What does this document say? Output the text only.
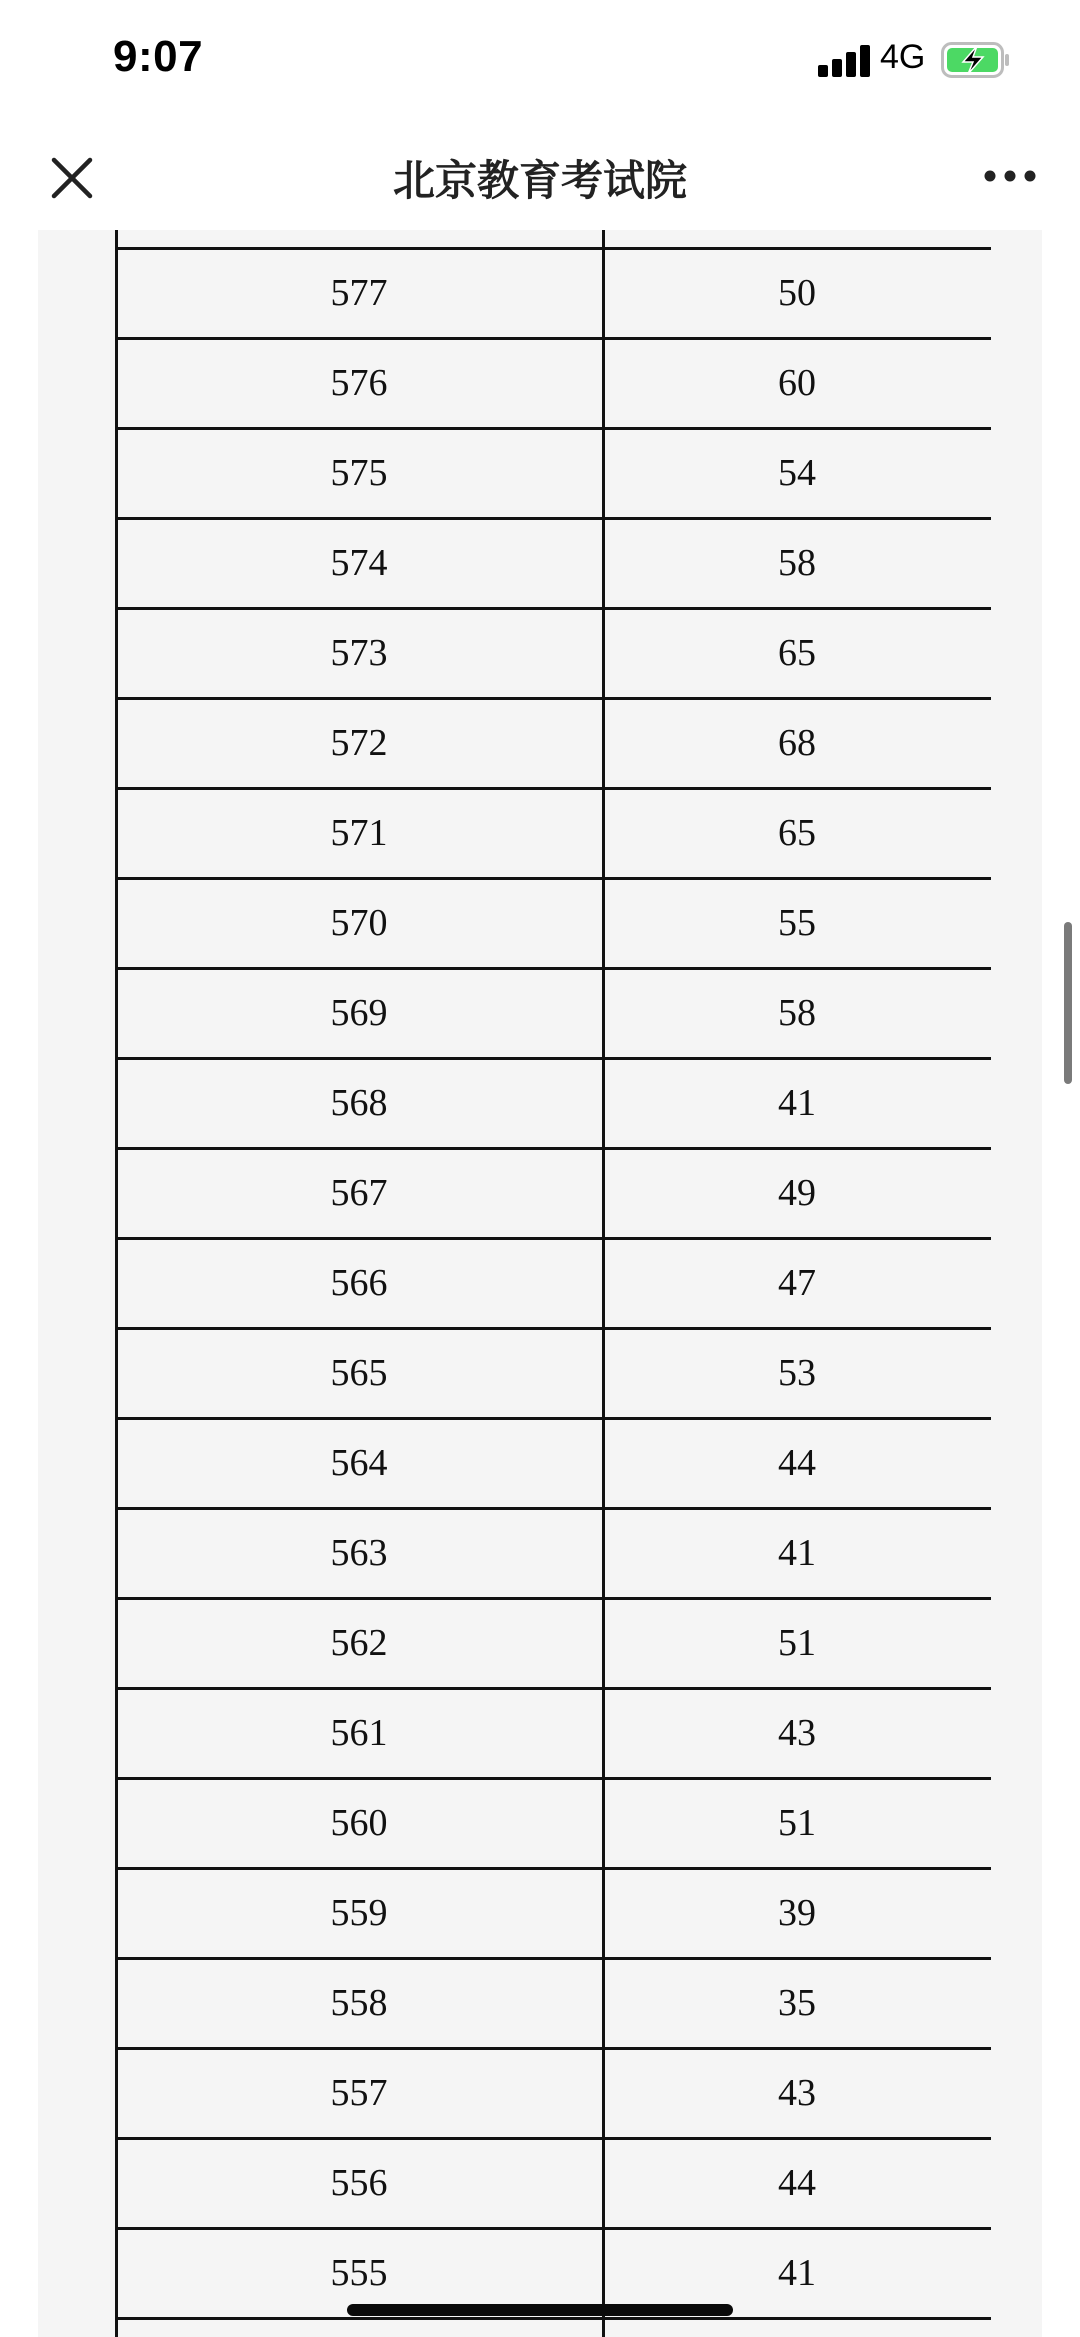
9:07	4G
北京教育考试院
577	50
576	60
575	54
574	58
573	65
572	68
571	65
570	55
569	58
568	41
567	49
566	47
565	53
564	44
563	41
562	51
561	43
560	51
559	39
558	35
557	43
556	44
555	41
